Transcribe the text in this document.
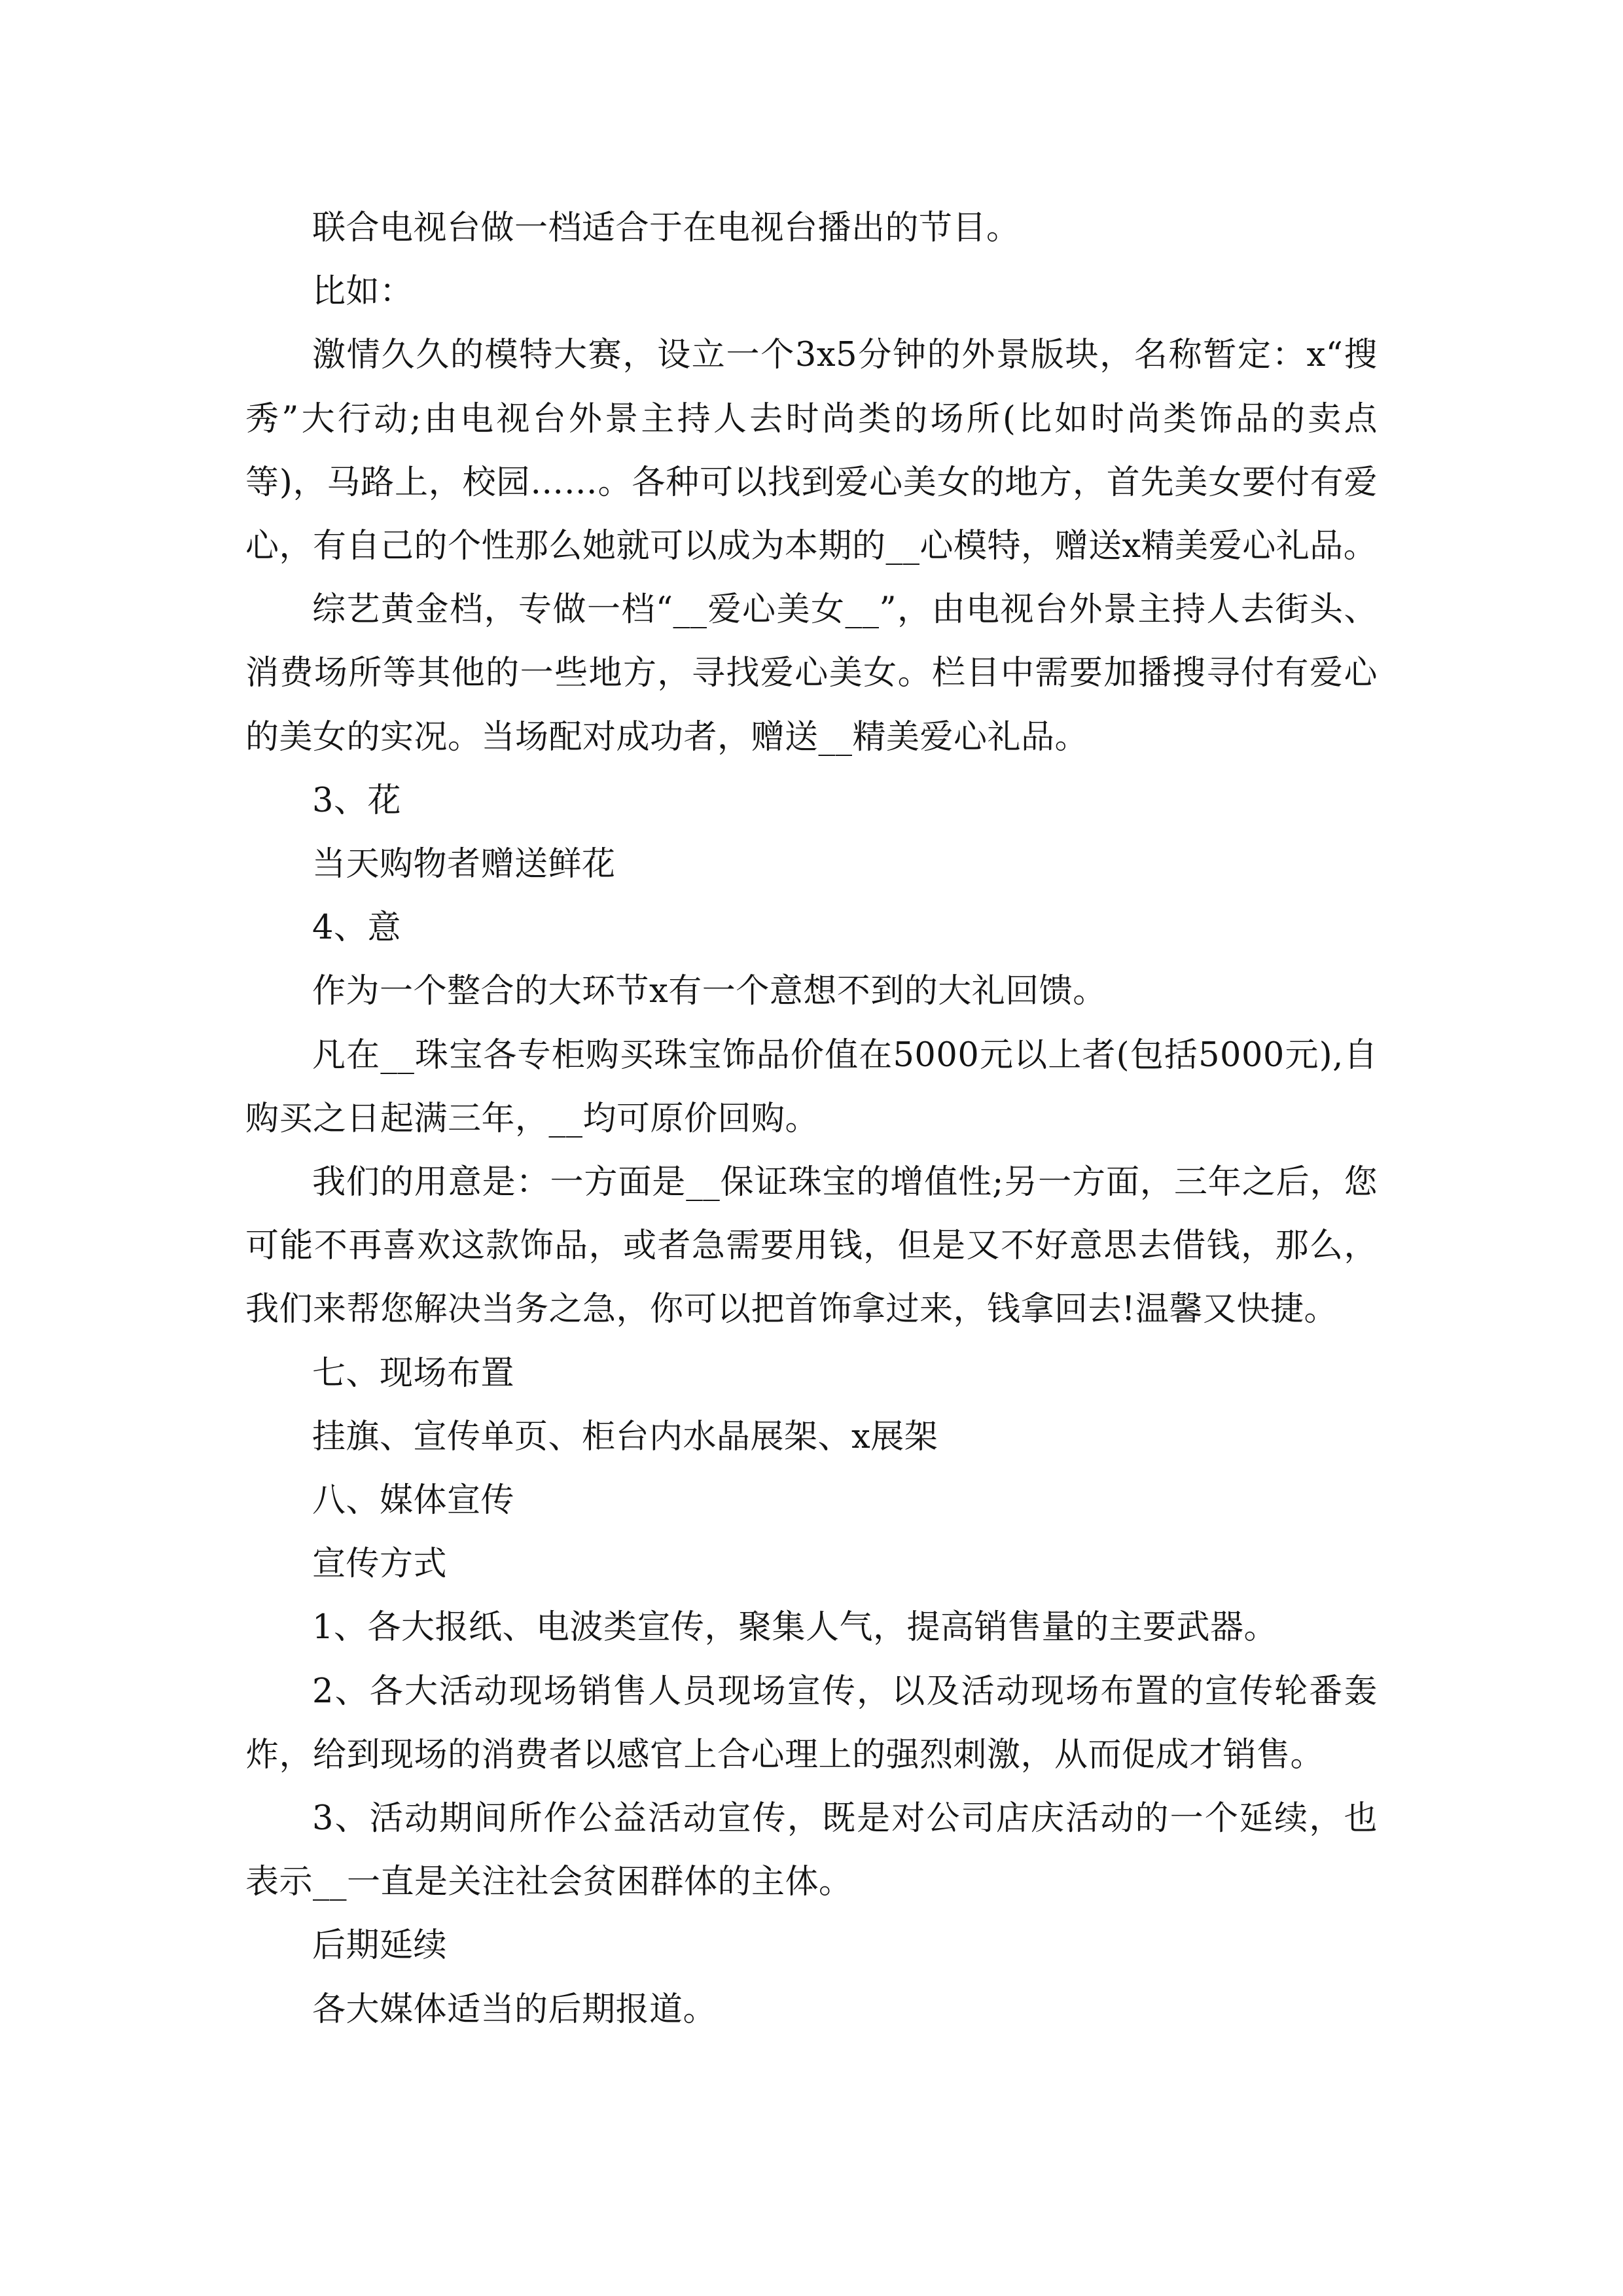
联合电视台做一档适合于在电视台播出的节目。

比如：

激情久久的模特大赛，设立一个3x5分钟的外景版块，名称暂定：x“搜秀”大行动;由电视台外景主持人去时尚类的场所(比如时尚类饰品的卖点等)，马路上，校园……。各种可以找到爱心美女的地方，首先美女要付有爱心，有自己的个性那么她就可以成为本期的__心模特，赠送x精美爱心礼品。

综艺黄金档，专做一档“__爱心美女__”，由电视台外景主持人去街头、消费场所等其他的一些地方，寻找爱心美女。栏目中需要加播搜寻付有爱心的美女的实况。当场配对成功者，赠送__精美爱心礼品。

3、花

当天购物者赠送鲜花

4、意

作为一个整合的大环节x有一个意想不到的大礼回馈。

凡在__珠宝各专柜购买珠宝饰品价值在5000元以上者(包括5000元),自购买之日起满三年，__均可原价回购。

我们的用意是：一方面是__保证珠宝的增值性;另一方面，三年之后，您可能不再喜欢这款饰品，或者急需要用钱，但是又不好意思去借钱，那么，我们来帮您解决当务之急，你可以把首饰拿过来，钱拿回去!温馨又快捷。

七、现场布置

挂旗、宣传单页、柜台内水晶展架、x展架

八、媒体宣传

宣传方式

1、各大报纸、电波类宣传，聚集人气，提高销售量的主要武器。

2、各大活动现场销售人员现场宣传，以及活动现场布置的宣传轮番轰炸，给到现场的消费者以感官上合心理上的强烈刺激，从而促成才销售。

3、活动期间所作公益活动宣传，既是对公司店庆活动的一个延续，也表示__一直是关注社会贫困群体的主体。

后期延续

各大媒体适当的后期报道。
